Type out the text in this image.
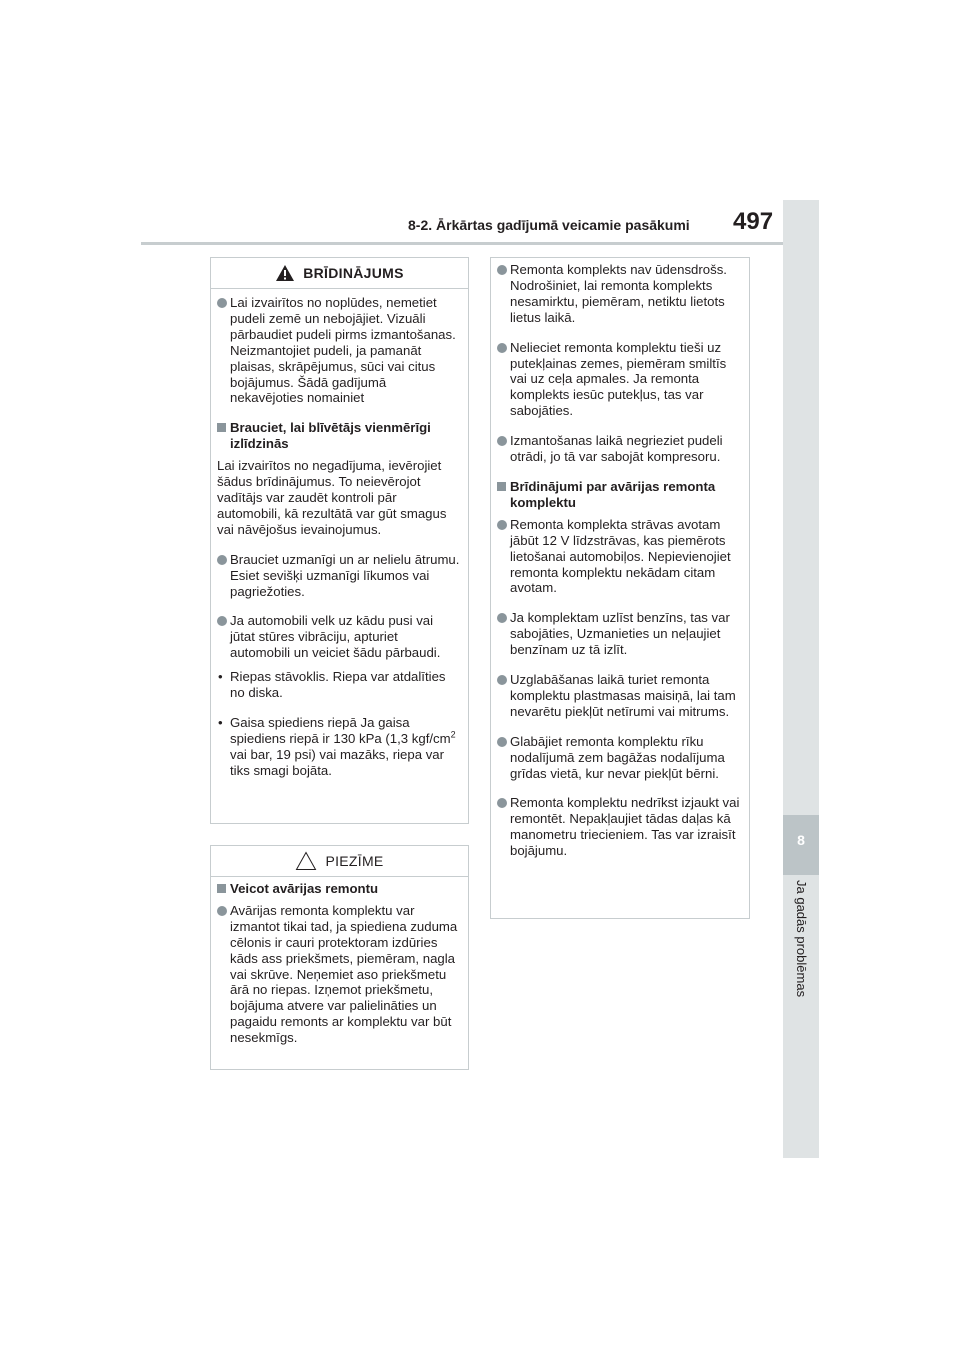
8
Ja gadās problēmas
8-2. Ārkārtas gadījumā veicamie pasākumi 497
BRĪDINĀJUMS
Lai izvairītos no noplūdes, nemetiet pudeli zemē un nebojājiet. Vizuāli pārbaudiet pudeli pirms izmantošanas. Neizmantojiet pudeli, ja pamanāt plaisas, skrāpējumus, sūci vai citus bojājumus. Šādā gadījumā nekavējoties nomainiet
Brauciet, lai blīvētājs vienmērīgi izlīdzinās
Lai izvairītos no negadījuma, ievērojiet šādus brīdinājumus. To neievērojot vadītājs var zaudēt kontroli pār automobili, kā rezultātā var gūt smagus vai nāvējošus ievainojumus.
Brauciet uzmanīgi un ar nelielu ātrumu. Esiet sevišķi uzmanīgi līkumos vai pagriežoties.
Ja automobili velk uz kādu pusi vai jūtat stūres vibrāciju, apturiet automobili un veiciet šādu pārbaudi.
• Riepas stāvoklis. Riepa var atdalīties no diska.
• Gaisa spiediens riepā Ja gaisa spiediens riepā ir 130 kPa (1,3 kgf/$cm^2$ vai bar, 19 psi) vai mazāks, riepa var tiks smagi bojāta.
PIEZĪME
Veicot avārijas remontu
Avārijas remonta komplektu var izmantot tikai tad, ja spiediena zuduma cēlonis ir cauri protektoram izdūries kāds ass priekšmets, piemēram, nagla vai skrūve. Neņemiet aso priekšmetu ārā no riepas. Izņemot priekšmetu, bojājuma atvere var palielināties un pagaidu remonts ar komplektu var būt nesekmīgs.
Remonta komplekts nav ūdensdrošs. Nodrošiniet, lai remonta komplekts nesamirktu, piemēram, netiktu lietots lietus laikā.
Nelieciet remonta komplektu tieši uz putekļainas zemes, piemēram smiltīs vai uz ceļa apmales. Ja remonta komplekts iesūc putekļus, tas var sabojāties.
Izmantošanas laikā negrieziet pudeli otrādi, jo tā var sabojāt kompresoru.
Brīdinājumi par avārijas remonta komplektu
Remonta komplekta strāvas avotam jābūt 12 V līdzstrāvas, kas piemērots lietošanai automobiļos. Nepievienojiet remonta komplektu nekādam citam avotam.
Ja komplektam uzlīst benzīns, tas var sabojāties, Uzmanieties un neļaujiet benzīnam uz tā izlīt.
Uzglabāšanas laikā turiet remonta komplektu plastmasas maisiņā, lai tam nevarētu piekļūt netīrumi vai mitrums.
Glabājiet remonta komplektu rīku nodalījumā zem bagāžas nodalījuma grīdas vietā, kur nevar piekļūt bērni.
Remonta komplektu nedrīkst izjaukt vai remontēt. Nepakļaujiet tādas daļas kā manometru triecieniem. Tas var izraisīt bojājumu.
